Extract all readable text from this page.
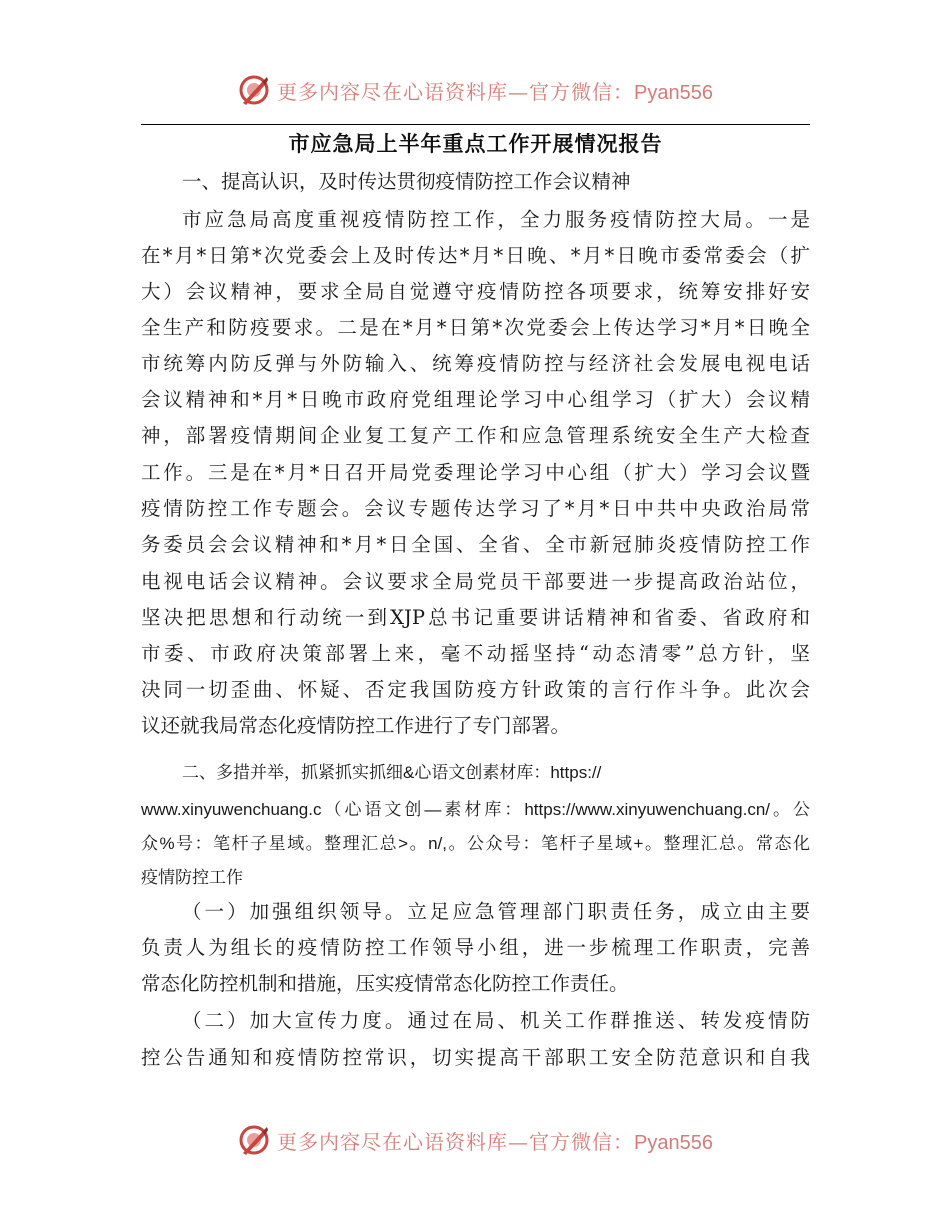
更多内容尽在心语资料库—官方微信：Pyan556
市应急局上半年重点工作开展情况报告
一、提高认识，及时传达贯彻疫情防控工作会议精神
市应急局高度重视疫情防控工作，全力服务疫情防控大局。一是
在*月*日第*次党委会上及时传达*月*日晚、*月*日晚市委常委会（扩
大）会议精神，要求全局自觉遵守疫情防控各项要求，统筹安排好安
全生产和防疫要求。二是在*月*日第*次党委会上传达学习*月*日晚全
市统筹内防反弹与外防输入、统筹疫情防控与经济社会发展电视电话
会议精神和*月*日晚市政府党组理论学习中心组学习（扩大）会议精
神，部署疫情期间企业复工复产工作和应急管理系统安全生产大检查
工作。三是在*月*日召开局党委理论学习中心组（扩大）学习会议暨
疫情防控工作专题会。会议专题传达学习了*月*日中共中央政治局常
务委员会会议精神和*月*日全国、全省、全市新冠肺炎疫情防控工作
电视电话会议精神。会议要求全局党员干部要进一步提高政治站位，
坚决把思想和行动统一到XJP总书记重要讲话精神和省委、省政府和
市委、市政府决策部署上来，毫不动摇坚持“动态清零”总方针，坚
决同一切歪曲、怀疑、否定我国防疫方针政策的言行作斗争。此次会
议还就我局常态化疫情防控工作进行了专门部署。
二、多措并举，抓紧抓实抓细&心语文创素材库：https://
www.xinyuwenchuang.c（心语文创—素材库：https://www.xinyuwenchuang.cn/。公
众%号：笔杆子星域。整理汇总>。n/,。公众号：笔杆子星域+。整理汇总。常态化
疫情防控工作
（一）加强组织领导。立足应急管理部门职责任务，成立由主要
负责人为组长的疫情防控工作领导小组，进一步梳理工作职责，完善
常态化防控机制和措施，压实疫情常态化防控工作责任。
（二）加大宣传力度。通过在局、机关工作群推送、转发疫情防
控公告通知和疫情防控常识，切实提高干部职工安全防范意识和自我
更多内容尽在心语资料库—官方微信：Pyan556
